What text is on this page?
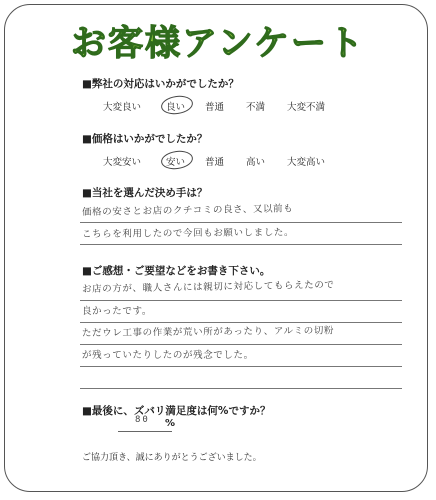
お客様アンケート
■弊社の対応はいかがでしたか？
大変良い	良い 普通 不満 大変不満
■価格はいかがでしたか？
大変安い	安い 普通 高い 大変高い
■当社を選んだ決め手は？
価格の安さとお店のクチコミの良さ、又以前も
こちらを利用したので今回もお願いしました。
■ご感想・ご要望などをお書き下さい。
お店の方が、職人さんには親切に対応してもらえたので
良かったです。
ただウレ工事の作業が荒い所があったり、アルミの切粉
が残っていたりしたのが残念でした。
■最後に、ズバリ満足度は何%ですか？
80 %
ご協力頂き、誠にありがとうございました。
